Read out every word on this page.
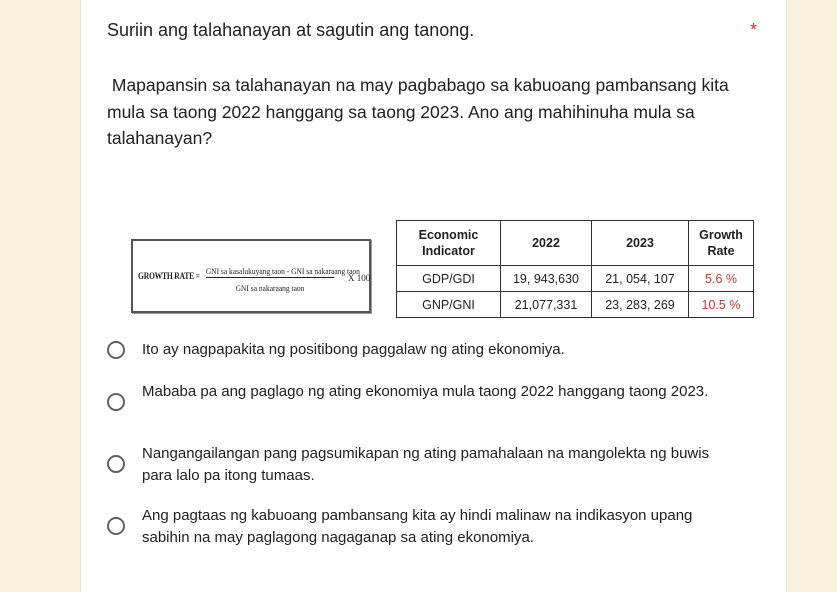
Suriin ang talahanayan at sagutin ang tanong.	*
Mapapansin sa talahanayan na may pagbabago sa kabuoang pambansang kita mula sa taong 2022 hanggang sa taong 2023. Ano ang mahihinuha mula sa talahanayan?
GROWTH RATE = GNI sa kasalukuyang taon - GNI sa nakaraang taon
GNI sa nakaraang taon
X 100
Economic Indicator	2022	2023	Growth Rate
GDP/GDI	19, 943,630	21, 054, 107	5.6 %
GNP/GNI	21,077,331	23, 283, 269	10.5 %
Ito ay nagpapakita ng positibong paggalaw ng ating ekonomiya.
Mababa pa ang paglago ng ating ekonomiya mula taong 2022 hanggang taong 2023.
Nangangailangan pang pagsumikapan ng ating pamahalaan na mangolekta ng buwis para lalo pa itong tumaas.
Ang pagtaas ng kabuoang pambansang kita ay hindi malinaw na indikasyon upang sabihin na may paglagong nagaganap sa ating ekonomiya.
